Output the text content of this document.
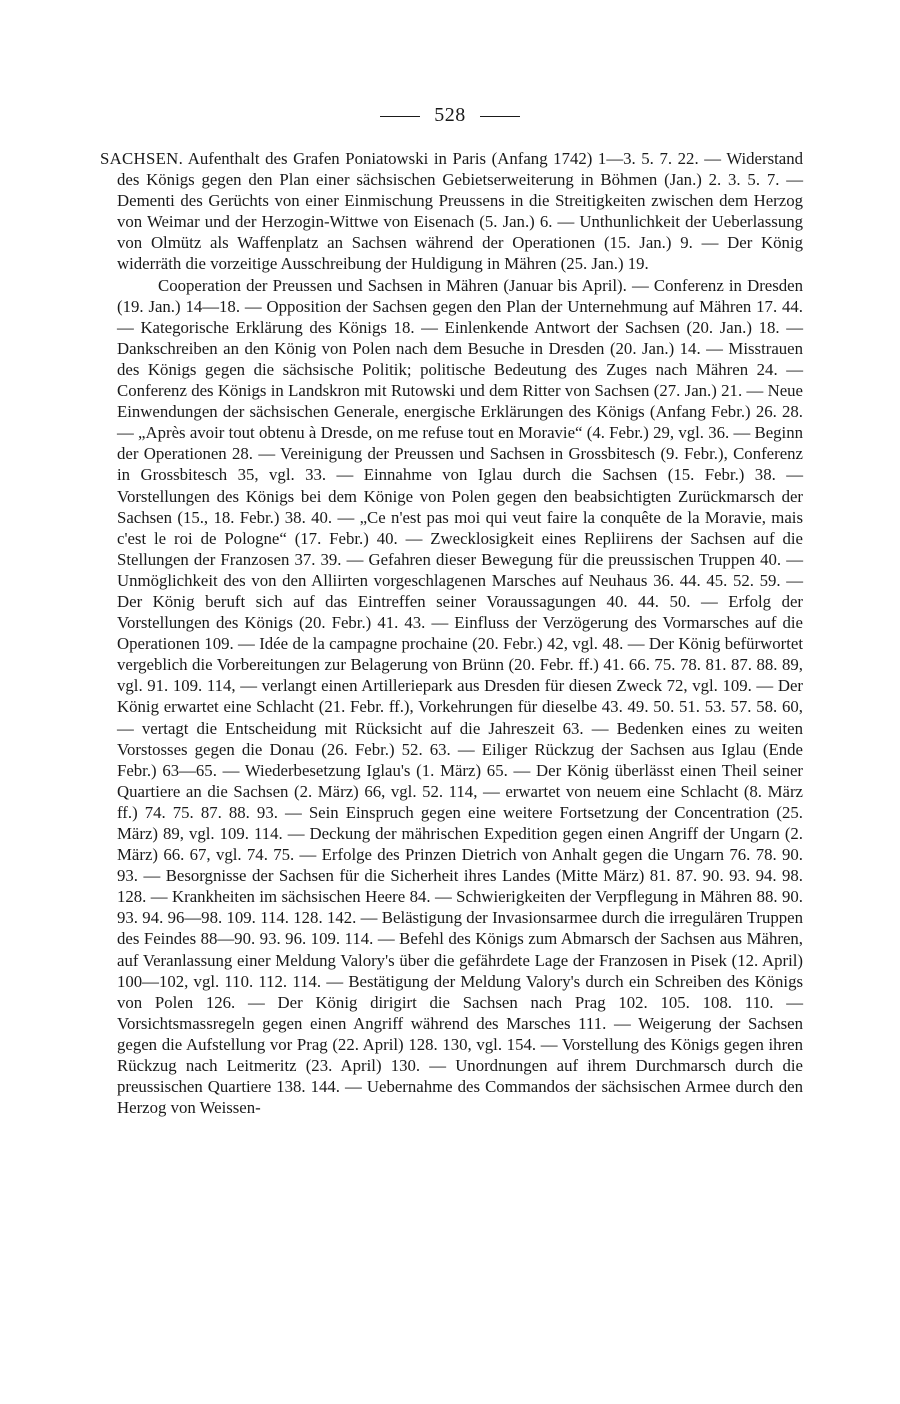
528

SACHSEN. Aufenthalt des Grafen Poniatowski in Paris (Anfang 1742) 1—3. 5. 7. 22. — Widerstand des Königs gegen den Plan einer sächsischen Gebietserweiterung in Böhmen (Jan.) 2. 3. 5. 7. — Dementi des Gerüchts von einer Einmischung Preussens in die Streitigkeiten zwischen dem Herzog von Weimar und der Herzogin-Wittwe von Eisenach (5. Jan.) 6. — Unthunlichkeit der Ueberlassung von Olmütz als Waffenplatz an Sachsen während der Operationen (15. Jan.) 9. — Der König widerräth die vorzeitige Ausschreibung der Huldigung in Mähren (25. Jan.) 19.

Cooperation der Preussen und Sachsen in Mähren (Januar bis April). — Conferenz in Dresden (19. Jan.) 14—18. — Opposition der Sachsen gegen den Plan der Unternehmung auf Mähren 17. 44. — Kategorische Erklärung des Königs 18. — Einlenkende Antwort der Sachsen (20. Jan.) 18. — Dankschreiben an den König von Polen nach dem Besuche in Dresden (20. Jan.) 14. — Misstrauen des Königs gegen die sächsische Politik; politische Bedeutung des Zuges nach Mähren 24. — Conferenz des Königs in Landskron mit Rutowski und dem Ritter von Sachsen (27. Jan.) 21. — Neue Einwendungen der sächsischen Generale, energische Erklärungen des Königs (Anfang Febr.) 26. 28. — „Après avoir tout obtenu à Dresde, on me refuse tout en Moravie“ (4. Febr.) 29, vgl. 36. — Beginn der Operationen 28. — Vereinigung der Preussen und Sachsen in Grossbitesch (9. Febr.), Conferenz in Grossbitesch 35, vgl. 33. — Einnahme von Iglau durch die Sachsen (15. Febr.) 38. — Vorstellungen des Königs bei dem Könige von Polen gegen den beabsichtigten Zurückmarsch der Sachsen (15., 18. Febr.) 38. 40. — „Ce n'est pas moi qui veut faire la conquête de la Moravie, mais c'est le roi de Pologne“ (17. Febr.) 40. — Zwecklosigkeit eines Repliirens der Sachsen auf die Stellungen der Franzosen 37. 39. — Gefahren dieser Bewegung für die preussischen Truppen 40. — Unmöglichkeit des von den Alliirten vorgeschlagenen Marsches auf Neuhaus 36. 44. 45. 52. 59. — Der König beruft sich auf das Eintreffen seiner Voraussagungen 40. 44. 50. — Erfolg der Vorstellungen des Königs (20. Febr.) 41. 43. — Einfluss der Verzögerung des Vormarsches auf die Operationen 109. — Idée de la campagne prochaine (20. Febr.) 42, vgl. 48. — Der König befürwortet vergeblich die Vorbereitungen zur Belagerung von Brünn (20. Febr. ff.) 41. 66. 75. 78. 81. 87. 88. 89, vgl. 91. 109. 114, — verlangt einen Artilleriepark aus Dresden für diesen Zweck 72, vgl. 109. — Der König erwartet eine Schlacht (21. Febr. ff.), Vorkehrungen für dieselbe 43. 49. 50. 51. 53. 57. 58. 60, — vertagt die Entscheidung mit Rücksicht auf die Jahreszeit 63. — Bedenken eines zu weiten Vorstosses gegen die Donau (26. Febr.) 52. 63. — Eiliger Rückzug der Sachsen aus Iglau (Ende Febr.) 63—65. — Wiederbesetzung Iglau's (1. März) 65. — Der König überlässt einen Theil seiner Quartiere an die Sachsen (2. März) 66, vgl. 52. 114, — erwartet von neuem eine Schlacht (8. März ff.) 74. 75. 87. 88. 93. — Sein Einspruch gegen eine weitere Fortsetzung der Concentration (25. März) 89, vgl. 109. 114. — Deckung der mährischen Expedition gegen einen Angriff der Ungarn (2. März) 66. 67, vgl. 74. 75. — Erfolge des Prinzen Dietrich von Anhalt gegen die Ungarn 76. 78. 90. 93. — Besorgnisse der Sachsen für die Sicherheit ihres Landes (Mitte März) 81. 87. 90. 93. 94. 98. 128. — Krankheiten im sächsischen Heere 84. — Schwierigkeiten der Verpflegung in Mähren 88. 90. 93. 94. 96—98. 109. 114. 128. 142. — Belästigung der Invasionsarmee durch die irregulären Truppen des Feindes 88—90. 93. 96. 109. 114. — Befehl des Königs zum Abmarsch der Sachsen aus Mähren, auf Veranlassung einer Meldung Valory's über die gefährdete Lage der Franzosen in Pisek (12. April) 100—102, vgl. 110. 112. 114. — Bestätigung der Meldung Valory's durch ein Schreiben des Königs von Polen 126. — Der König dirigirt die Sachsen nach Prag 102. 105. 108. 110. — Vorsichtsmassregeln gegen einen Angriff während des Marsches 111. — Weigerung der Sachsen gegen die Aufstellung vor Prag (22. April) 128. 130, vgl. 154. — Vorstellung des Königs gegen ihren Rückzug nach Leitmeritz (23. April) 130. — Unordnungen auf ihrem Durchmarsch durch die preussischen Quartiere 138. 144. — Uebernahme des Commandos der sächsischen Armee durch den Herzog von Weissen-
